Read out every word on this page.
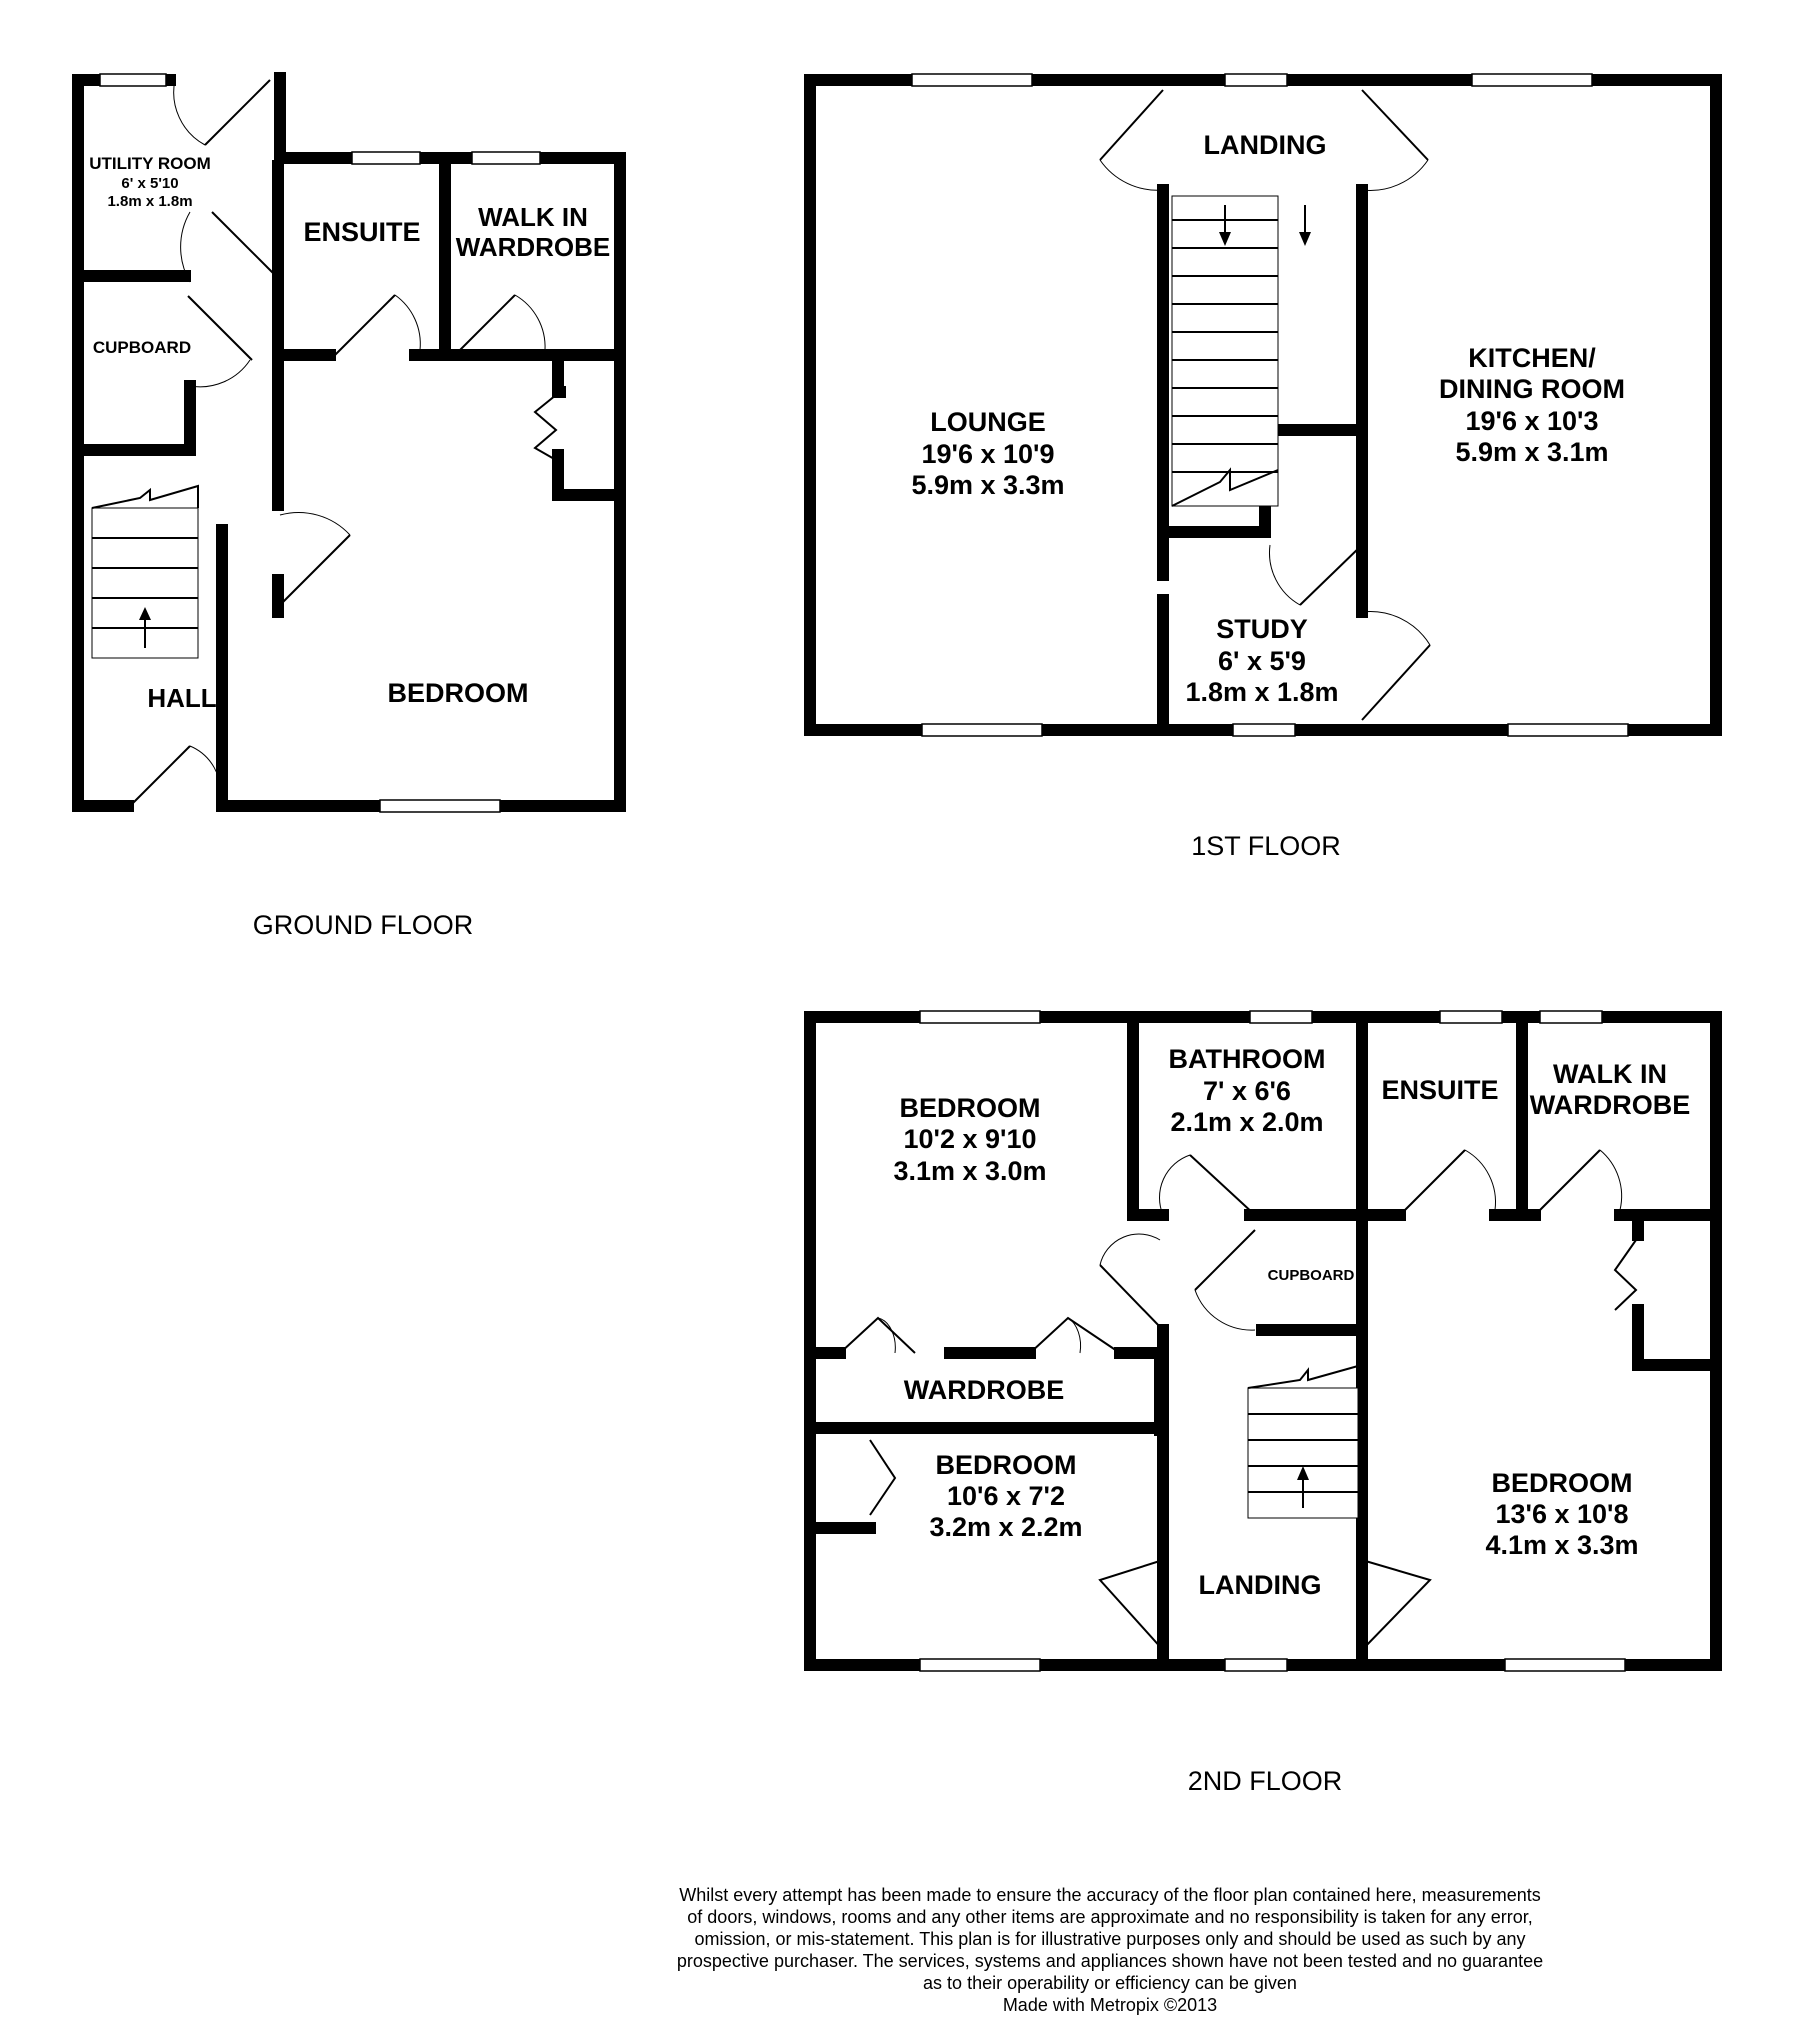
UTILITY ROOM
6' x 5'10
1.8m x 1.8m
CUPBOARD
HALL
ENSUITE WALK IN
WARDROBE
BEDROOM
GROUND FLOOR
LANDING
LOUNGE
19'6 x 10'9
5.9m x 3.3m
KITCHEN/
DINING ROOM
19'6 x 10'3
5.9m x 3.1m
STUDY
6' x 5'9
1.8m x 1.8m
1ST FLOOR
BEDROOM
10'2 x 9'10
3.1m x 3.0m
BATHROOM
7' x 6'6
2.1m x 2.0m
ENSUITE
WALK IN
WARDROBE
CUPBOARD
WARDROBE
BEDROOM
10'6 x 7'2
3.2m x 2.2m
LANDING
BEDROOM
13'6 x 10'8
4.1m x 3.3m
2ND FLOOR
Whilst every attempt has been made to ensure the accuracy of the floor plan contained here, measurements
of doors, windows, rooms and any other items are approximate and no responsibility is taken for any error,
omission, or mis-statement. This plan is for illustrative purposes only and should be used as such by any
prospective purchaser. The services, systems and appliances shown have not been tested and no guarantee
as to their operability or efficiency can be given
Made with Metropix ©2013
